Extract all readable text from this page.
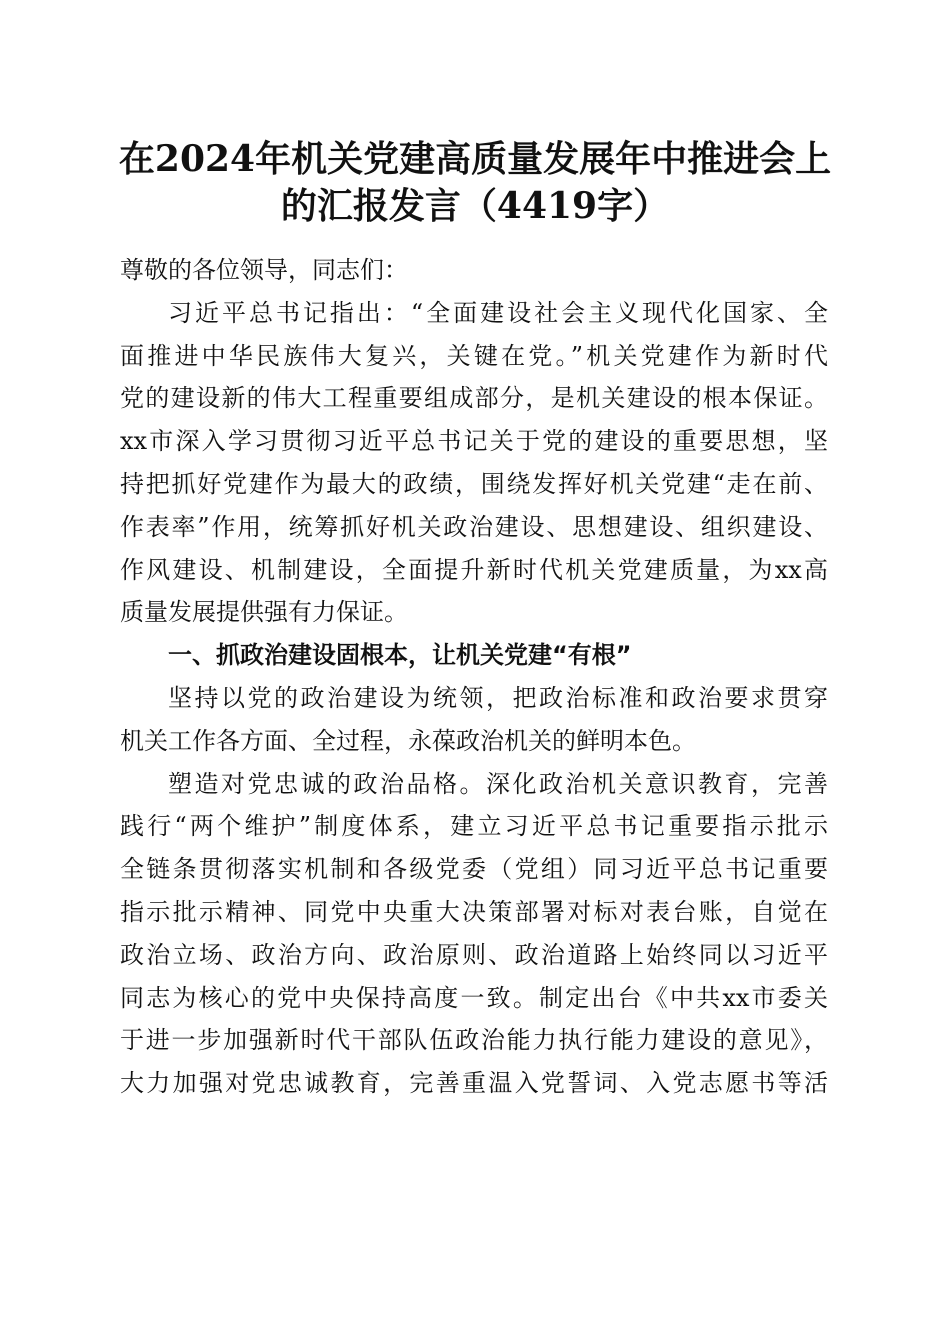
在2024年机关党建高质量发展年中推进会上
的汇报发言（4419字）
尊敬的各位领导，同志们：
习近平总书记指出：“全面建设社会主义现代化国家、全
面推进中华民族伟大复兴，关键在党。”机关党建作为新时代
党的建设新的伟大工程重要组成部分，是机关建设的根本保证。
xx市深入学习贯彻习近平总书记关于党的建设的重要思想，坚
持把抓好党建作为最大的政绩，围绕发挥好机关党建“走在前、
作表率”作用，统筹抓好机关政治建设、思想建设、组织建设、
作风建设、机制建设，全面提升新时代机关党建质量，为xx高
质量发展提供强有力保证。
一、抓政治建设固根本，让机关党建“有根”
坚持以党的政治建设为统领，把政治标准和政治要求贯穿
机关工作各方面、全过程，永葆政治机关的鲜明本色。
塑造对党忠诚的政治品格。深化政治机关意识教育，完善
践行“两个维护”制度体系，建立习近平总书记重要指示批示
全链条贯彻落实机制和各级党委（党组）同习近平总书记重要
指示批示精神、同党中央重大决策部署对标对表台账，自觉在
政治立场、政治方向、政治原则、政治道路上始终同以习近平
同志为核心的党中央保持高度一致。制定出台《中共xx市委关
于进一步加强新时代干部队伍政治能力执行能力建设的意见》，
大力加强对党忠诚教育，完善重温入党誓词、入党志愿书等活
